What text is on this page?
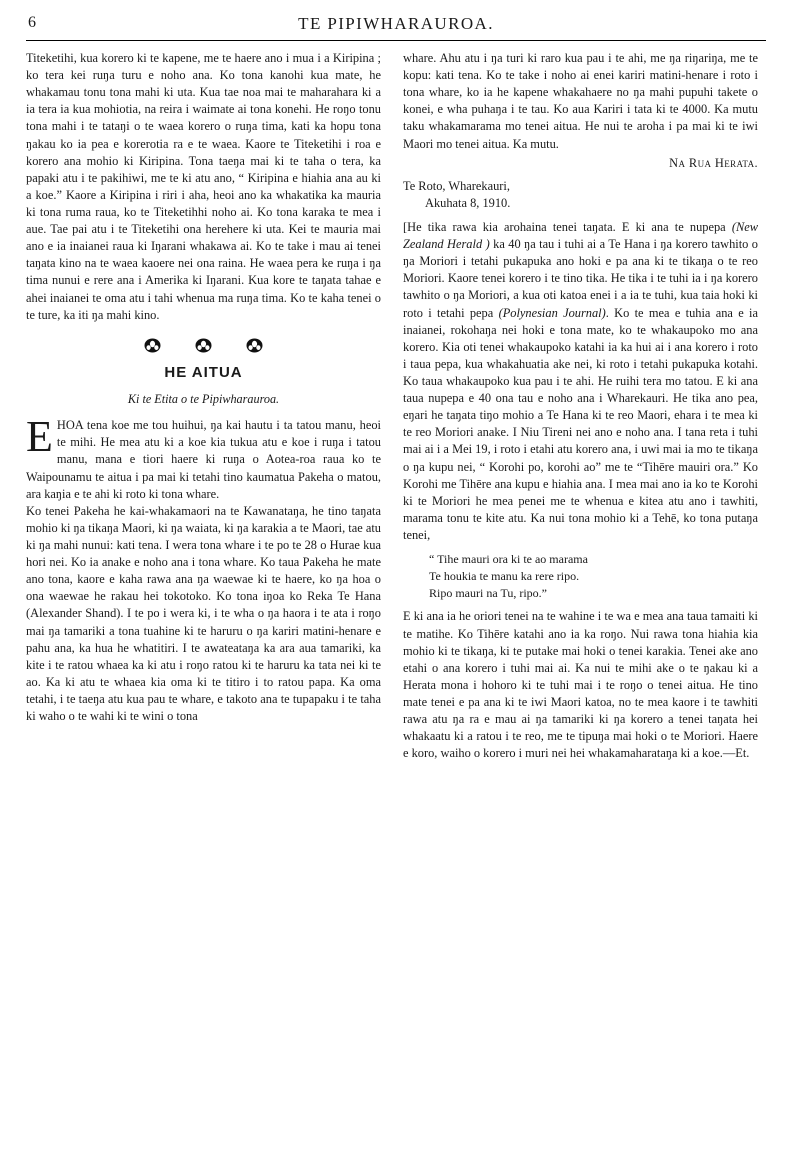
6	TE PIPIWHARAUROA.

Titeketihi, kua korero ki te kapene, me te haere ano i mua i a Kiripina ; ko tera kei ruŋa turu e noho ana. Ko tona kanohi kua mate, he whakamau tonu tona mahi ki uta. Kua tae noa mai te maharahara ki a ia tera ia kua mohiotia, na reira i waimate ai tona konehi. He roŋo tonu tona mahi i te tataŋi o te waea korero o ruŋa tima, kati ka hopu tona ŋakau ko ia pea e korerotia ra e te waea. Kaore te Titeketihi i roa e korero ana mohio ki Kiripina. Tona taeŋa mai ki te taha o tera, ka papaki atu i te pakihiwi, me te ki atu ano, “ Kiripina e hiahia ana au ki a koe.” Kaore a Kiripina i riri i aha, heoi ano ka whakatika ka mauria ki tona ruma raua, ko te Titeketihhi noho ai. Ko tona karaka te mea i aue. Tae pai atu i te Titeketihi ona herehere ki uta. Kei te mauria mai ano e ia inaianei raua ki Iŋarani whakawa ai. Ko te take i mau ai tenei taŋata kino na te waea kaoere nei ona raina. He waea pera ke ruŋa i ŋa tima nunui e rere ana i Amerika ki Iŋarani. Kua kore te taŋata tahae e ahei inaianei te oma atu i tahi whenua ma ruŋa tima. Ko te kaha tenei o te ture, ka iti ŋa mahi kino.

HE AITUA
Ki te Etita o te Pipiwharauroa.
E HOA tena koe me tou huihui, ŋa kai hautu i ta tatou manu, heoi te mihi. He mea atu ki a koe kia tukua atu e koe i ruŋa i tatou manu, mana e tiori haere ki ruŋa o Aotea-roa raua ko te Waipounamu te aitua i pa mai ki tetahi tino kaumatua Pakeha o matou, ara kaŋia e te ahi ki roto ki tona whare.

Ko tenei Pakeha he kai-whakamaori na te Kawanataŋa, he tino taŋata mohio ki ŋa tikaŋa Maori, ki ŋa waiata, ki ŋa karakia a te Maori, tae atu ki ŋa mahi nunui: kati tena. I wera tona whare i te po te 28 o Hurae kua hori nei. Ko ia anake e noho ana i tona whare. Ko taua Pakeha he mate ano tona, kaore e kaha rawa ana ŋa waewae ki te haere, ko ŋa hoa o ona waewae he rakau hei tokotoko. Ko tona iŋoa ko Reka Te Hana (Alexander Shand). I te po i wera ki, i te wha o ŋa haora i te ata i roŋo mai ŋa tamariki a tona tuahine ki te haruru o ŋa kariri matini-henare e pahu ana, ka hua he whatitiri. I te awateataŋa ka ara aua tamariki, ka kite i te ratou whaea ka ki atu i roŋo ratou ki te haruru ka tata nei ki te ao. Ka ki atu te whaea kia oma ki te titiro i to ratou papa. Ka oma tetahi, i te taeŋa atu kua pau te whare, e takoto ana te tupapaku i te taha ki waho o te wahi ki te wini o tona

whare. Ahu atu i ŋa turi ki raro kua pau i te ahi, me ŋa riŋariŋa, me te kopu: kati tena. Ko te take i noho ai enei kariri matini-henare i roto i tona whare, ko ia he kapene whakahaere no ŋa mahi pupuhi takete o konei, e wha puhaŋa i te tau. Ko aua Kariri i tata ki te 4000. Ka mutu taku whakamarama mo tenei aitua. He nui te aroha i pa mai ki te iwi Maori mo tenei aitua. Ka mutu.

Na Rua Herata.
Te Roto, Wharekauri,
Akuhata 8, 1910.

[He tika rawa kia arohaina tenei taŋata. E ki ana te nupepa (New Zealand Herald ) ka 40 ŋa tau i tuhi ai a Te Hana i ŋa korero tawhito o ŋa Moriori i tetahi pukapuka ano hoki e pa ana ki te tikaŋa o te reo Moriori. Kaore tenei korero i te tino tika. He tika i te tuhi ia i ŋa korero tawhito o ŋa Moriori, a kua oti katoa enei i a ia te tuhi, kua taia hoki ki roto i tetahi pepa (Polynesian Journal). Ko te mea e tuhia ana e ia inaianei, rokohaŋa nei hoki e tona mate, ko te whakaupoko mo ana korero. Kia oti tenei whakaupoko katahi ia ka hui ai i ana korero i roto i taua pepa, kua whakahuatia ake nei, ki roto i tetahi pukapuka kotahi. Ko taua whakaupoko kua pau i te ahi. He ruihi tera mo tatou. E ki ana taua nupepa e 40 ona tau e noho ana i Wharekauri. He tika ano pea, eŋari he taŋata tiŋo mohio a Te Hana ki te reo Maori, ehara i te mea ki te reo Moriori anake. I Niu Tireni nei ano e noho ana. I tana reta i tuhi mai ai i a Mei 19, i roto i etahi atu korero ana, i uwi mai ia mo te tikaŋa o ŋa kupu nei, “ Korohi po, korohi ao” me te “Tihēre mauiri ora.” Ko Korohi me Tihēre ana kupu e hiahia ana. I mea mai ano ia ko te Korohi ki te Moriori he mea penei me te whenua e kitea atu ano i tawhiti, marama tonu te kite atu. Ka nui tona mohio ki a Tehē, ko tona putaŋa tenei,

“ Tihe mauri ora ki te ao marama
Te houkia te manu ka rere ripo.
Ripo mauri na Tu, ripo.”

E ki ana ia he oriori tenei na te wahine i te wa e mea ana taua tamaiti ki te matihe. Ko Tihēre katahi ano ia ka roŋo. Nui rawa tona hiahia kia mohio ki te tikaŋa, ki te putake mai hoki o tenei karakia. Tenei ake ano etahi o ana korero i tuhi mai ai. Ka nui te mihi ake o te ŋakau ki a Herata mona i hohoro ki te tuhi mai i te roŋo o tenei aitua. He tino mate tenei e pa ana ki te iwi Maori katoa, no te mea kaore i te tawhiti rawa atu ŋa ra e mau ai ŋa tamariki ki ŋa korero a tenei taŋata hei whakaatu ki a ratou i te reo, me te tipuŋa mai hoki o te Moriori. Haere e koro, waiho o korero i muri nei hei whakamaharataŋa ki a koe.—Et.
